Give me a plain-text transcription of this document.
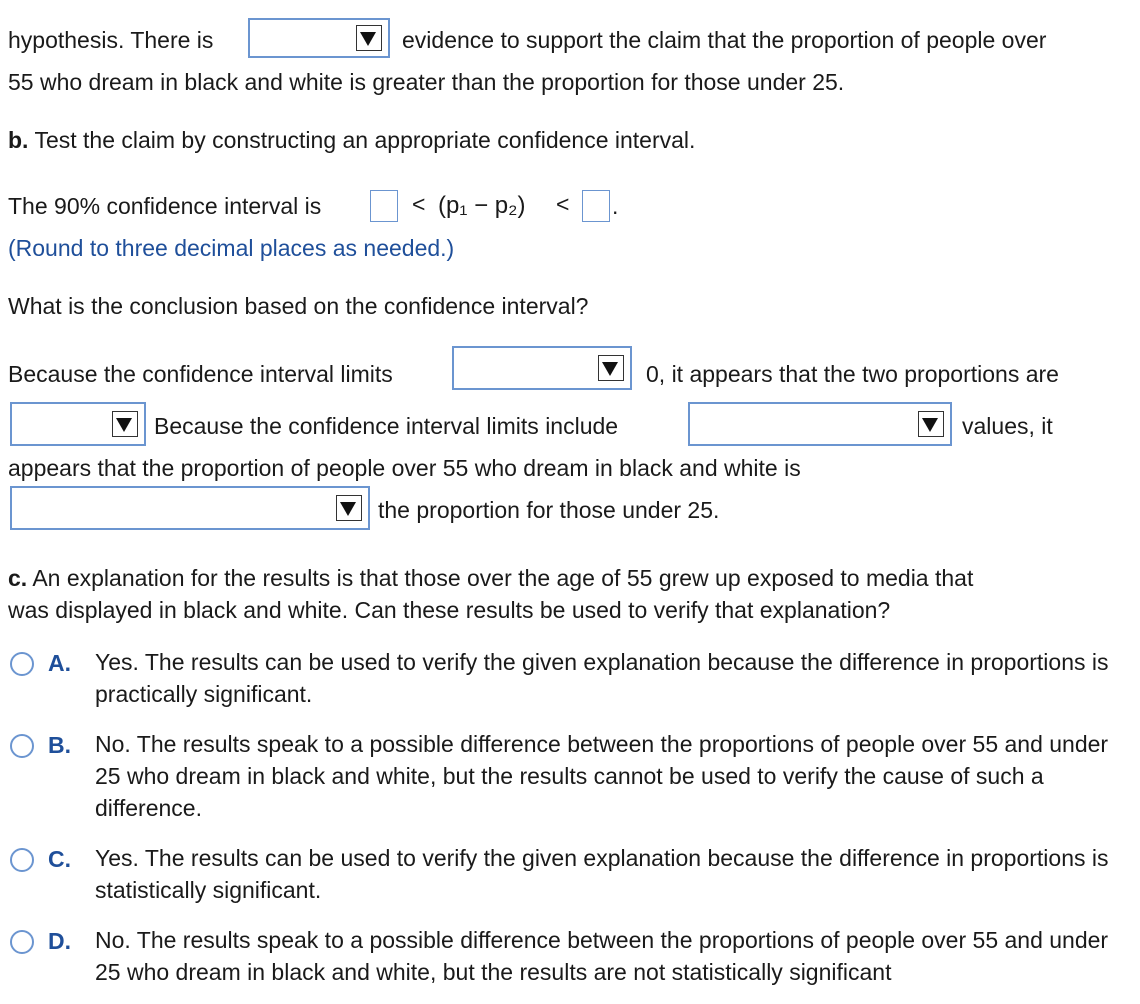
hypothesis. There is	evidence to support the claim that the proportion of people over
55 who dream in black and white is greater than the proportion for those under 25.
b. Test the claim by constructing an appropriate confidence interval.
The 90% confidence interval is	< (p₁ − p₂) < .
(Round to three decimal places as needed.)
What is the conclusion based on the confidence interval?
Because the confidence interval limits	0, it appears that the two proportions are
Because the confidence interval limits include	values, it
appears that the proportion of people over 55 who dream in black and white is
the proportion for those under 25.
c. An explanation for the results is that those over the age of 55 grew up exposed to media that
was displayed in black and white. Can these results be used to verify that explanation?
A. Yes. The results can be used to verify the given explanation because the difference in proportions is practically significant.
B. No. The results speak to a possible difference between the proportions of people over 55 and under 25 who dream in black and white, but the results cannot be used to verify the cause of such a difference.
C. Yes. The results can be used to verify the given explanation because the difference in proportions is statistically significant.
D. No. The results speak to a possible difference between the proportions of people over 55 and under 25 who dream in black and white, but the results are not statistically significant
